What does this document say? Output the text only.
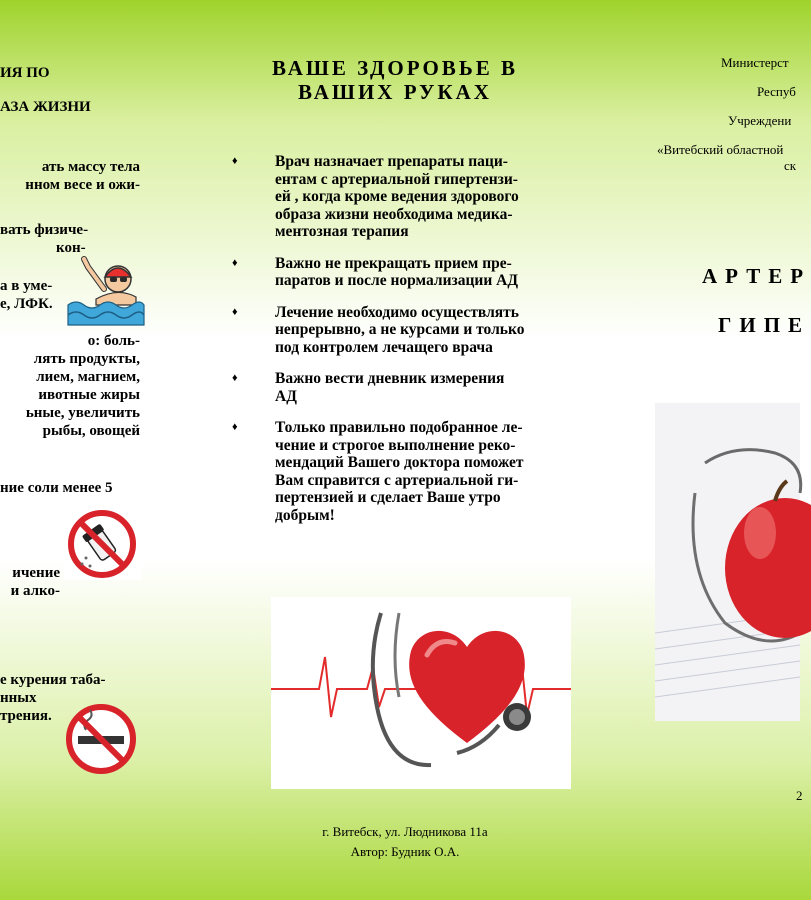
ИЯ ПО
АЗА ЖИЗНИ
ать массу тела
нном весе и ожи-
вать физиче-
кон-
а в уме-
е, ЛФК.
о: боль-
лять продукты,
лием, магнием,
ивотные жиры
ьные, увеличить
рыбы, овощей
ние соли менее 5
ичение
и алко-
е курения таба-
нных
трения.
ВАШЕ ЗДОРОВЬЕ В
ВАШИХ РУКАХ
♦ Врач назначает препараты паци-
ентам с артериальной гипертензи-
ей , когда кроме ведения здорового
образа жизни необходима медика-
ментозная терапия
♦ Важно не прекращать прием пре-
паратов и после нормализации АД
♦ Лечение необходимо осуществлять
непрерывно, а не курсами и только
под контролем лечащего врача
♦ Важно вести дневник измерения
АД
♦ Только правильно подобранное ле-
чение и строгое выполнение реко-
мендаций Вашего доктора поможет
Вам справится с артериальной ги-
пертензией и сделает Ваше утро
добрым!
г. Витебск, ул. Людникова 11а
Автор: Будник О.А.
Министерст
Респуб
Учреждени
«Витебский областной
ск
АРТЕР
ГИПЕ
2
